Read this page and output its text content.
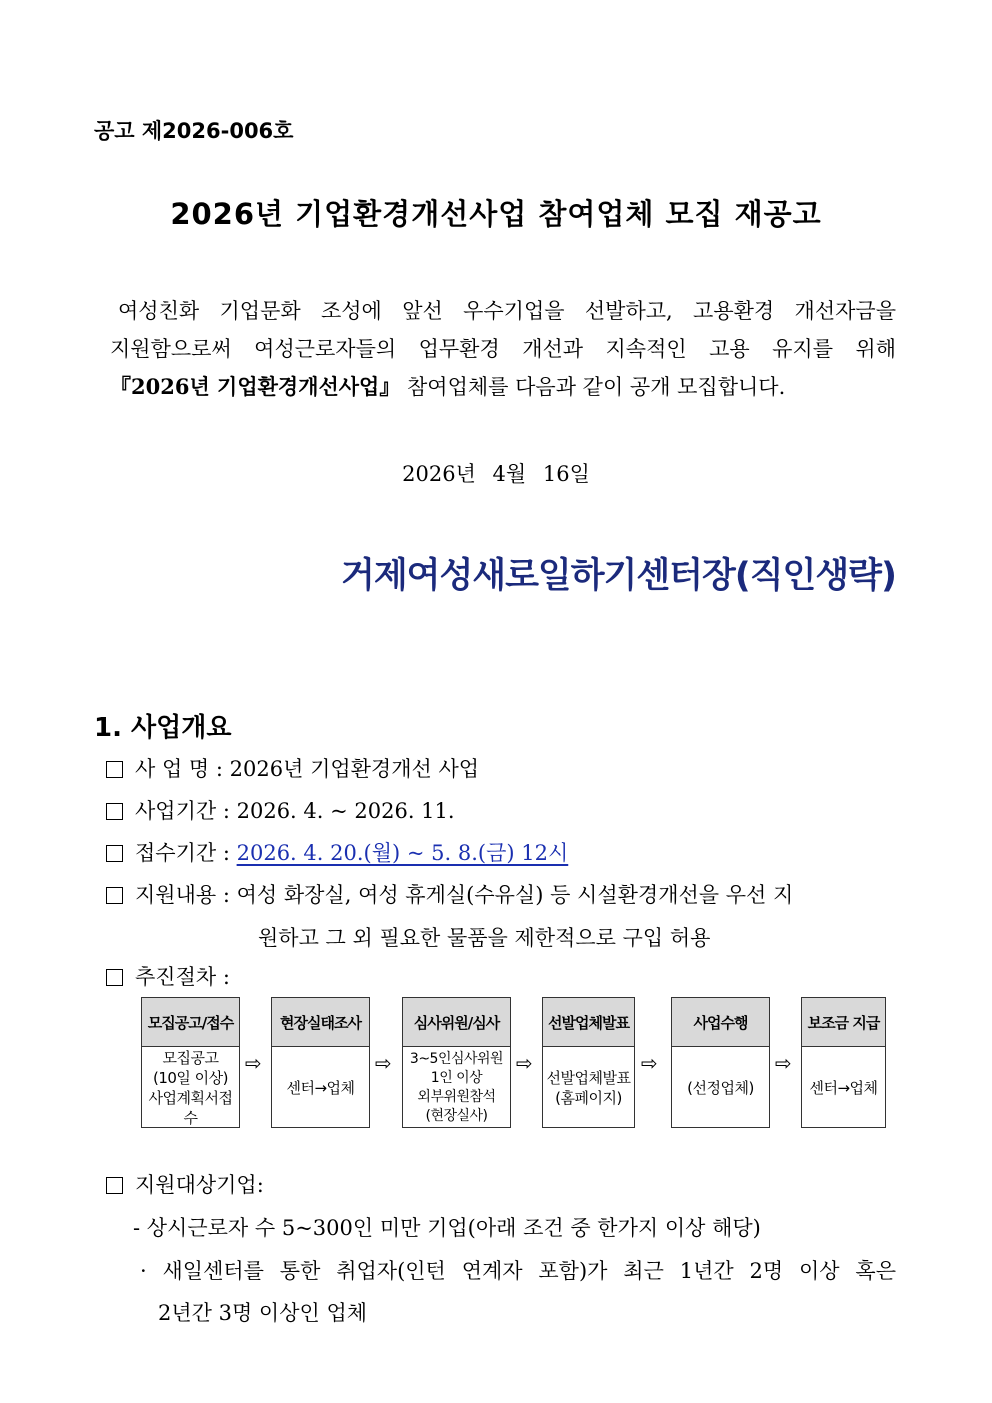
공고 제2026-006호
2026년 기업환경개선사업 참여업체 모집 재공고
여성친화 기업문화 조성에 앞선 우수기업을 선발하고, 고용환경 개선자금을
지원함으로써 여성근로자들의 업무환경 개선과 지속적인 고용 유지를 위해
『2026년 기업환경개선사업』 참여업체를 다음과 같이 공개 모집합니다.
2026년 4월 16일
거제여성새로일하기센터장(직인생략)
1. 사업개요
사 업 명 : 2026년 기업환경개선 사업
사업기간 : 2026. 4. ~ 2026. 11.
접수기간 : 2026. 4. 20.(월) ~ 5. 8.(금) 12시
지원내용 : 여성 화장실, 여성 휴게실(수유실) 등 시설환경개선을 우선 지
원하고 그 외 필요한 물품을 제한적으로 구입 허용
추진절차 :
모집공고/접수
모집공고
(10일 이상)
사업계획서접수
⇨
현장실태조사
센터→업체
⇨
심사위원/심사
3~5인심사위원
1인 이상
외부위원참석
(현장실사)
⇨
선발업체발표
선발업체발표
(홈페이지)
⇨
사업수행
(선정업체)
⇨
보조금 지급
센터→업체
지원대상기업:
- 상시근로자 수 5~300인 미만 기업(아래 조건 중 한가지 이상 해당)
· 새일센터를 통한 취업자(인턴 연계자 포함)가 최근 1년간 2명 이상 혹은
2년간 3명 이상인 업체
